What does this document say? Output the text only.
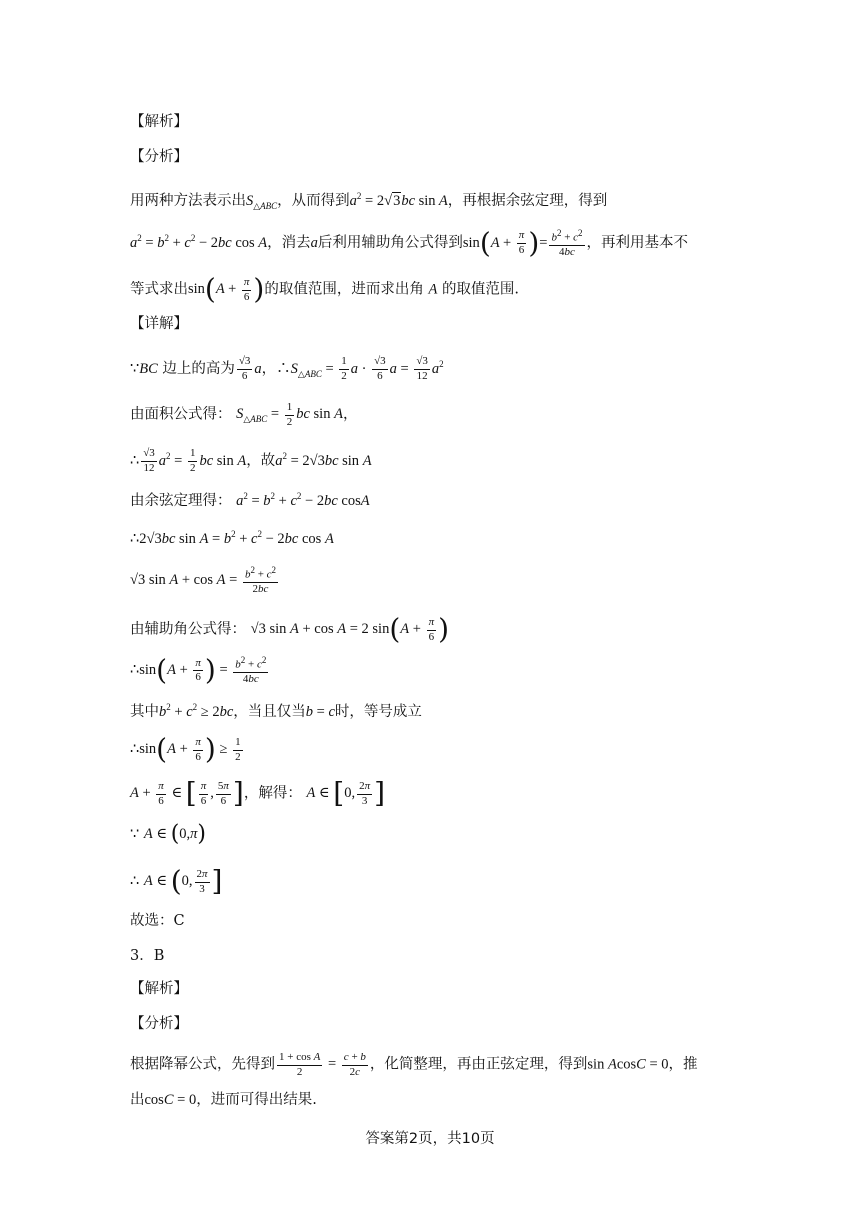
【解析】
【分析】
用两种方法表示出$S_{\triangle ABC}$，从而得到$a^2 = 2√3bc$ sin A，再根据余弦定理，得到
$a^2 = b^2 + c^2 - 2bc$ cos A，消去a后利用辅助角公式得到$\sin(A + \frac{\pi}{6}$ )= $\frac{b^2 + c^2}{4bc}$ ，再利用基本不
等式求出$\sin(A + \frac{\pi}{6}$ )的取值范围，进而求出角 A 的取值范围.
【详解】
∵BC 边上的高为 $\frac{√3}{6}$ a，$\therefore S_{\triangle ABC} = \frac{1}{2}$ $a \cdot \frac{√3}{6}$ $a = \frac{√3}{12} a^2$
由面积公式得： $S_{\triangle ABC} = \frac{1}{2}$ bc sin A，
∴ $\frac{√3}{12} a^2 = \frac{1}{2}$ bc sin A，故$a^2 = 2√3bc$ sin A
由余弦定理得： $a^2 = b^2 + c^2 - 2bc$ cosA
∴2√3bc $\sin A = b^2 + c^2 - 2bc$ cos A
√3 $\sin A + \cos A = \frac{b^2 + c^2}{2bc}$
由辅助角公式得： √3 sin A + cos A = 2 $\sin(A + \frac{\pi}{6}$ )
∴sin(A + $\frac{\pi}{6}$ ) = $\frac{b^2 + c^2}{4bc}$
其中$b^2 + c^2 \ge 2bc$，当且仅当b = c时，等号成立
∴sin(A + $\frac{\pi}{6}$ ) ≥ $\frac{1}{2}$
$A + \frac{\pi}{6}$ ∈ [ $\frac{\pi}{6}$ , $\frac{5\pi}{6}$ ]，解得： A ∈ [0, $\frac{2\pi}{3}$ ]
∵ A ∈ (0,π)
∴ A ∈ (0, $\frac{2\pi}{3}$ ]
故选：C
3．B
【解析】
【分析】
根据降幂公式，先得到 $\frac{\text{1 + cos A}}{2} = \frac{c + b}{2c}$ ，化简整理，再由正弦定理，得到sin AcosC = 0，推
出cosC = 0，进而可得出结果.
答案第2页，共10页
